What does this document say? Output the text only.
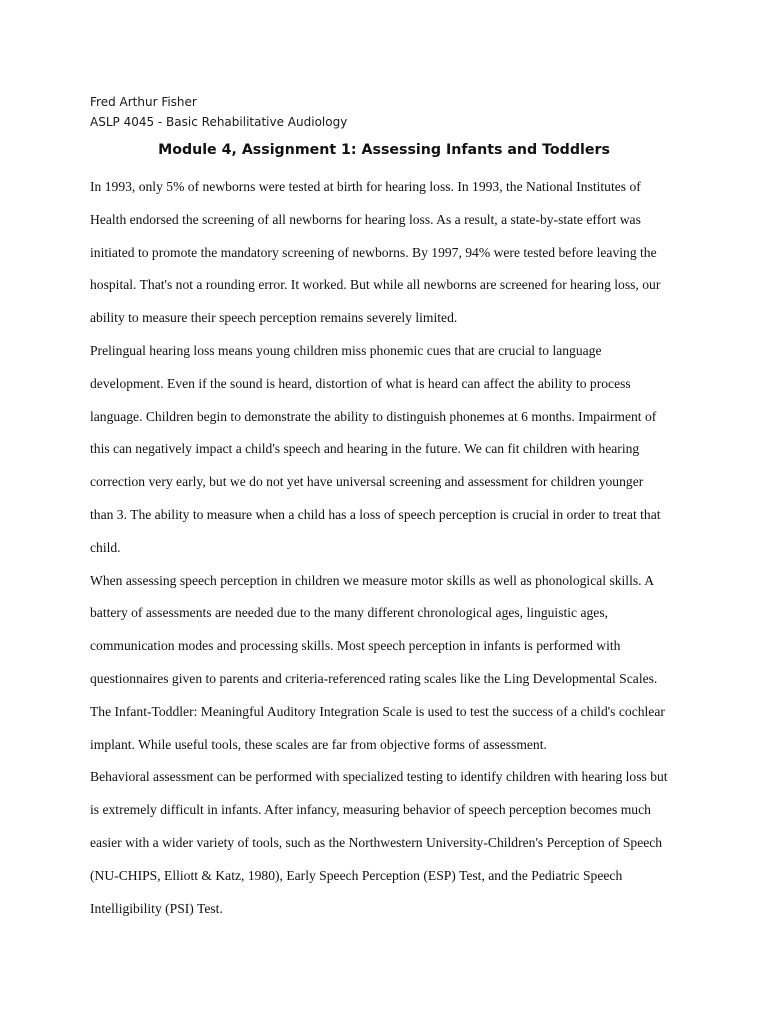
Fred Arthur Fisher
ASLP 4045 - Basic Rehabilitative Audiology
Module 4, Assignment 1: Assessing Infants and Toddlers
In 1993, only 5% of newborns were tested at birth for hearing loss. In 1993, the National Institutes of
Health endorsed the screening of all newborns for hearing loss. As a result, a state-by-state effort was
initiated to promote the mandatory screening of newborns. By 1997, 94% were tested before leaving the
hospital. That's not a rounding error. It worked. But while all newborns are screened for hearing loss, our
ability to measure their speech perception remains severely limited.
Prelingual hearing loss means young children miss phonemic cues that are crucial to language
development. Even if the sound is heard, distortion of what is heard can affect the ability to process
language. Children begin to demonstrate the ability to distinguish phonemes at 6 months. Impairment of
this can negatively impact a child's speech and hearing in the future. We can fit children with hearing
correction very early, but we do not yet have universal screening and assessment for children younger
than 3. The ability to measure when a child has a loss of speech perception is crucial in order to treat that
child.
When assessing speech perception in children we measure motor skills as well as phonological skills. A
battery of assessments are needed due to the many different chronological ages, linguistic ages,
communication modes and processing skills. Most speech perception in infants is performed with
questionnaires given to parents and criteria-referenced rating scales like the Ling Developmental Scales.
The Infant-Toddler: Meaningful Auditory Integration Scale is used to test the success of a child's cochlear
implant. While useful tools, these scales are far from objective forms of assessment.
Behavioral assessment can be performed with specialized testing to identify children with hearing loss but
is extremely difficult in infants. After infancy, measuring behavior of speech perception becomes much
easier with a wider variety of tools, such as the Northwestern University-Children's Perception of Speech
(NU-CHIPS, Elliott & Katz, 1980), Early Speech Perception (ESP) Test, and the Pediatric Speech
Intelligibility (PSI) Test.
